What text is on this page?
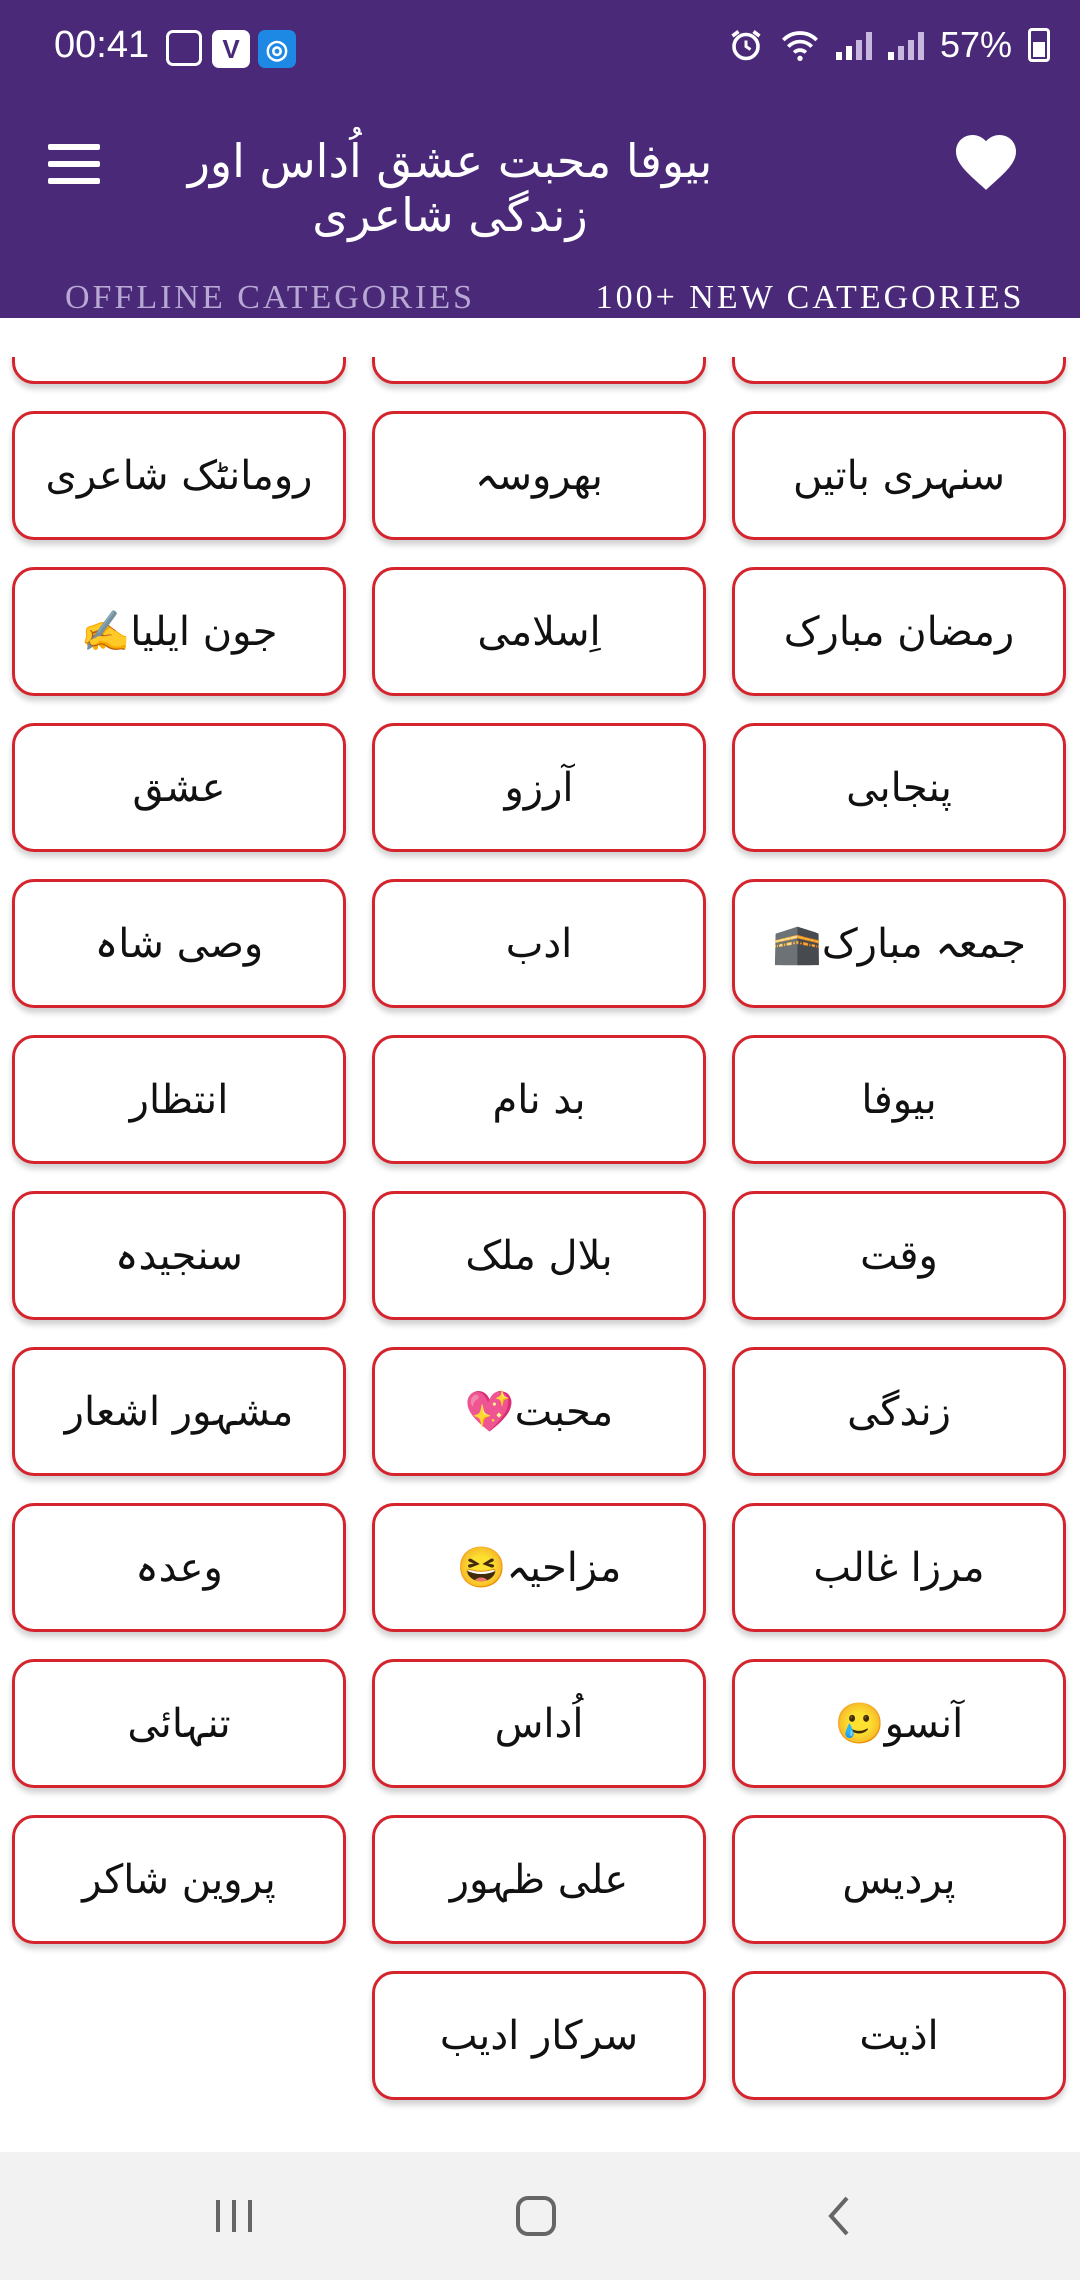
00:41	V ◎	57%
بیوفا محبت عشق اُداس اور زندگی شاعری
OFFLINE CATEGORIES	100+ NEW CATEGORIES
رومانٹک شاعری	بھروسہ	سنہری باتیں
جون ایلیا✍️	اِسلامی	رمضان مبارک
عشق	آرزو	پنجابی
وصی شاہ	ادب	جمعہ مبارک🕋
انتظار	بد نام	بیوفا
سنجیدہ	بلال ملک	وقت
مشہور اشعار	محبت💖	زندگی
وعدہ	مزاحیہ😆	مرزا غالب
تنہائی	اُداس	آنسو🥲
پروین شاکر	علی ظہور	پردیس
سرکار ادیب	اذیت
